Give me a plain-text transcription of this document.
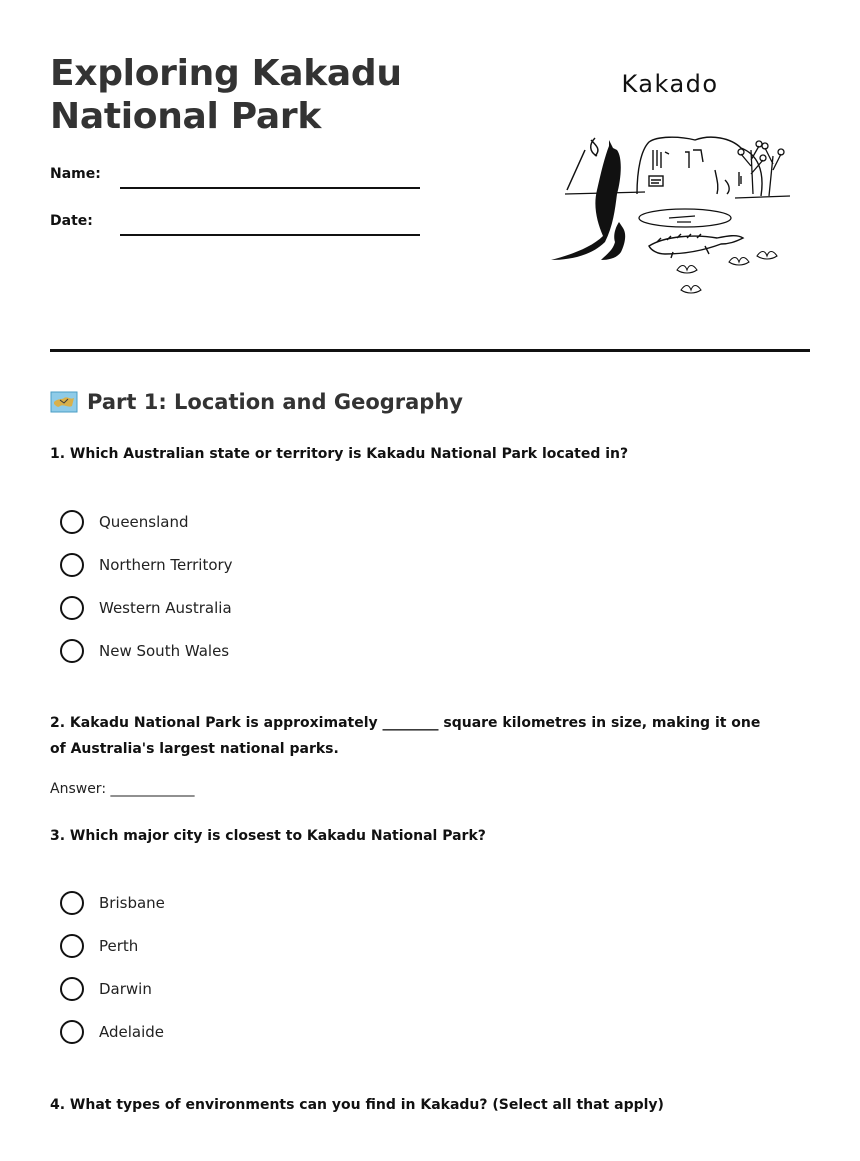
Exploring Kakadu
National Park
Name:
Date:
Kakado
Part 1: Location and Geography

1. Which Australian state or territory is Kakadu National Park located in?

Queensland
Northern Territory
Western Australia
New South Wales

2. Kakadu National Park is approximately ________ square kilometres in size, making it one of Australia's largest national parks.

Answer: ____________

3. Which major city is closest to Kakadu National Park?

Brisbane
Perth
Darwin
Adelaide

4. What types of environments can you find in Kakadu? (Select all that apply)
